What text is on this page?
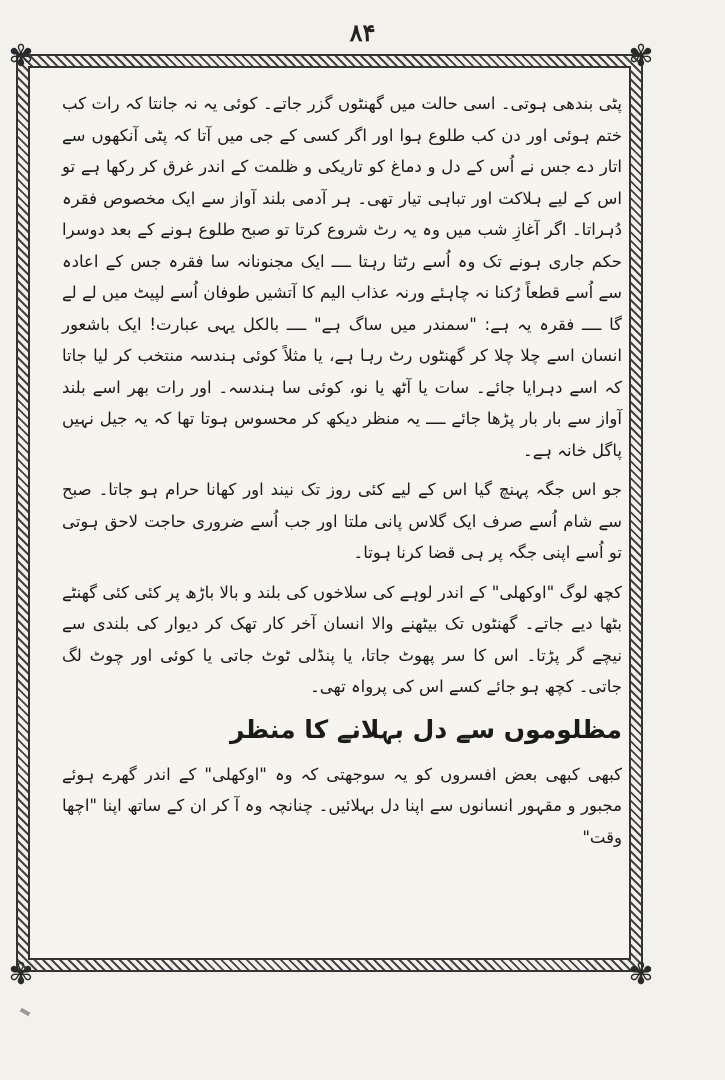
۸۴
✾	✾
✾	✾

پٹی بندھی ہوتی۔ اسی حالت میں گھنٹوں گزر جاتے۔ کوئی یہ نہ جانتا کہ رات کب ختم ہوئی اور دن کب طلوع ہوا اور اگر کسی کے جی میں آتا کہ پٹی آنکھوں سے اتار دے جس نے اُس کے دل و دماغ کو تاریکی و ظلمت کے اندر غرق کر رکھا ہے تو اس کے لیے ہلاکت اور تباہی تیار تھی۔ ہر آدمی بلند آواز سے ایک مخصوص فقرہ دُہراتا۔ اگر آغازِ شب میں وہ یہ رٹ شروع کرتا تو صبح طلوع ہونے کے بعد دوسرا حکم جاری ہونے تک وہ اُسے رٹتا رہتا ــــ ایک مجنونانہ سا فقرہ جس کے اعادہ سے اُسے قطعاً رُکنا نہ چاہئے ورنہ عذاب الیم کا آتشیں طوفان اُسے لپیٹ میں لے لے گا ــــ فقرہ یہ ہے: "سمندر میں ساگ ہے" ــــ بالکل یہی عبارت! ایک باشعور انسان اسے چلا چلا کر گھنٹوں رٹ رہا ہے، یا مثلاً کوئی ہندسہ منتخب کر لیا جاتا کہ اسے دہرایا جائے۔ سات یا آٹھ یا نو، کوئی سا ہندسہ۔ اور رات بھر اسے بلند آواز سے بار بار پڑھا جائے ــــ یہ منظر دیکھ کر محسوس ہوتا تھا کہ یہ جیل نہیں پاگل خانہ ہے۔

جو اس جگہ پہنچ گیا اس کے لیے کئی روز تک نیند اور کھانا حرام ہو جاتا۔ صبح سے شام اُسے صرف ایک گلاس پانی ملتا اور جب اُسے ضروری حاجت لاحق ہوتی تو اُسے اپنی جگہ پر ہی قضا کرنا ہوتا۔

کچھ لوگ "اوکھلی" کے اندر لوہے کی سلاخوں کی بلند و بالا باڑھ پر کئی کئی گھنٹے بٹھا دیے جاتے۔ گھنٹوں تک بیٹھنے والا انسان آخر کار تھک کر دیوار کی بلندی سے نیچے گر پڑتا۔ اس کا سر پھوٹ جاتا، یا پنڈلی ٹوٹ جاتی یا کوئی اور چوٹ لگ جاتی۔ کچھ ہو جائے کسے اس کی پرواہ تھی۔

مظلوموں سے دل بہلانے کا منظر

کبھی کبھی بعض افسروں کو یہ سوجھتی کہ وہ "اوکھلی" کے اندر گھرے ہوئے مجبور و مقہور انسانوں سے اپنا دل بہلائیں۔ چنانچہ وہ آ کر ان کے ساتھ اپنا "اچھا وقت"
